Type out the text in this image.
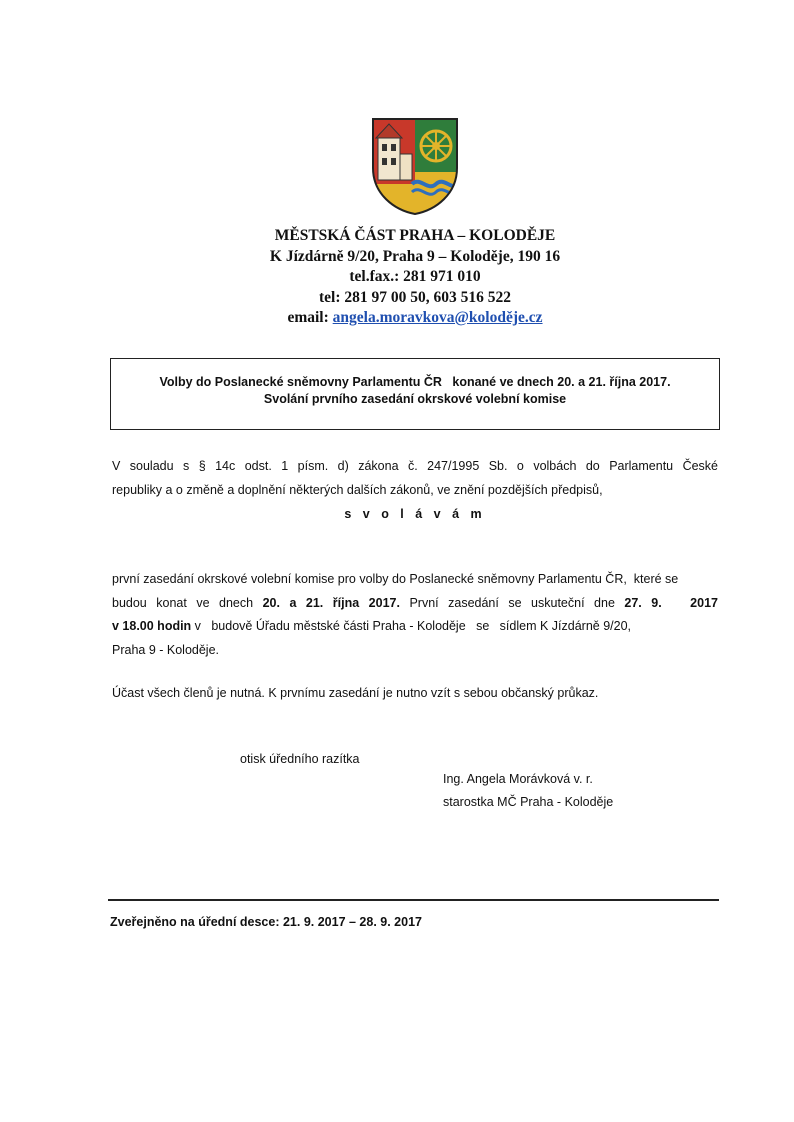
MĚSTSKÁ ČÁST PRAHA – KOLODĚJE
K Jízdárně 9/20, Praha 9 – Koloděje, 190 16
tel.fax.: 281 971 010
tel: 281 97 00 50, 603 516 522
email: angela.moravkova@koloděje.cz
Volby do Poslanecké sněmovny Parlamentu ČR   konané ve dnech 20. a 21. října 2017.
Svolání prvního zasedání okrskové volební komise
V souladu s § 14c odst. 1 písm. d) zákona č. 247/1995 Sb. o volbách do Parlamentu České
republiky a o změně a doplnění některých dalších zákonů, ve znění pozdějších předpisů,
s v o l á v á m
první zasedání okrskové volební komise pro volby do Poslanecké sněmovny Parlamentu ČR,  které se
budou konat ve dnech 20. a 21. října 2017. První zasedání se uskuteční dne 27. 9.   2017
v 18.00 hodin v   budově Úřadu městské části Praha - Koloděje   se   sídlem K Jízdárně 9/20,
Praha 9 - Koloděje.
Účast všech členů je nutná. K prvnímu zasedání je nutno vzít s sebou občanský průkaz.
otisk úředního razítka
Ing. Angela Morávková v. r.
starostka MČ Praha - Koloděje
Zveřejněno na úřední desce: 21. 9. 2017 – 28. 9. 2017
